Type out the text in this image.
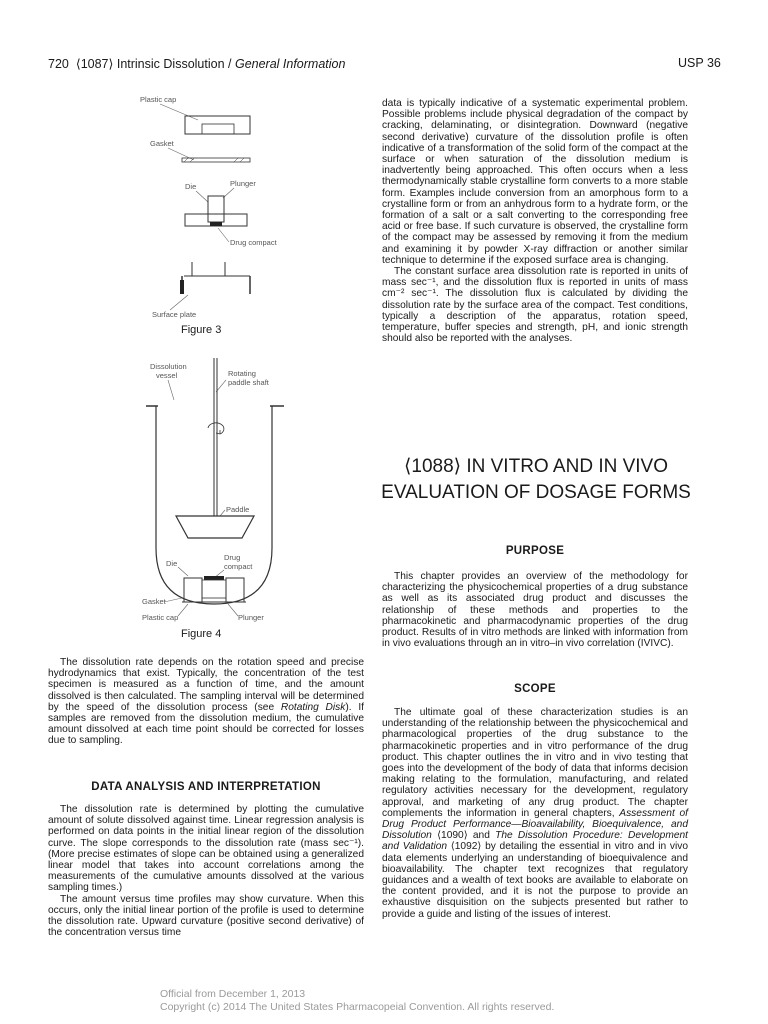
720 ⟨1087⟩ Intrinsic Dissolution / General Information	USP 36
Plastic cap
Gasket
Die	Plunger
Drug compact
Surface plate
Figure 3
Dissolution
vessel	Rotating
paddle shaft
Paddle
Die
Drug
compact
Gasket
Plastic cap	Plunger
Figure 4

The dissolution rate depends on the rotation speed and precise hydrodynamics that exist. Typically, the concentration of the test specimen is measured as a function of time, and the amount dissolved is then calculated. The sampling interval will be determined by the speed of the dissolution process (see Rotating Disk). If samples are removed from the dissolution medium, the cumulative amount dissolved at each time point should be corrected for losses due to sampling.

DATA ANALYSIS AND INTERPRETATION

The dissolution rate is determined by plotting the cumulative amount of solute dissolved against time. Linear regression analysis is performed on data points in the initial linear region of the dissolution curve. The slope corresponds to the dissolution rate (mass sec⁻¹). (More precise estimates of slope can be obtained using a generalized linear model that takes into account correlations among the measurements of the cumulative amounts dissolved at the various sampling times.)

The amount versus time profiles may show curvature. When this occurs, only the initial linear portion of the profile is used to determine the dissolution rate. Upward curvature (positive second derivative) of the concentration versus time

data is typically indicative of a systematic experimental problem. Possible problems include physical degradation of the compact by cracking, delaminating, or disintegration. Downward (negative second derivative) curvature of the dissolution profile is often indicative of a transformation of the solid form of the compact at the surface or when saturation of the dissolution medium is inadvertently being approached. This often occurs when a less thermodynamically stable crystalline form converts to a more stable form. Examples include conversion from an amorphous form to a crystalline form or from an anhydrous form to a hydrate form, or the formation of a salt or a salt converting to the corresponding free acid or free base. If such curvature is observed, the crystalline form of the compact may be assessed by removing it from the medium and examining it by powder X-ray diffraction or another similar technique to determine if the exposed surface area is changing.

The constant surface area dissolution rate is reported in units of mass sec⁻¹, and the dissolution flux is reported in units of mass cm⁻² sec⁻¹. The dissolution flux is calculated by dividing the dissolution rate by the surface area of the compact. Test conditions, typically a description of the apparatus, rotation speed, temperature, buffer species and strength, pH, and ionic strength should also be reported with the analyses.

⟨1088⟩ IN VITRO AND IN VIVO
EVALUATION OF DOSAGE FORMS
PURPOSE

This chapter provides an overview of the methodology for characterizing the physicochemical properties of a drug substance as well as its associated drug product and discusses the relationship of these methods and properties to the pharmacokinetic and pharmacodynamic properties of the drug product. Results of in vitro methods are linked with information from in vivo evaluations through an in vitro–in vivo correlation (IVIVC).

SCOPE

The ultimate goal of these characterization studies is an understanding of the relationship between the physicochemical and pharmacological properties of the drug substance to the pharmacokinetic properties and in vitro performance of the drug product. This chapter outlines the in vitro and in vivo testing that goes into the development of the body of data that informs decision making relating to the formulation, manufacturing, and related regulatory activities necessary for the development, regulatory approval, and marketing of any drug product. The chapter complements the information in general chapters, Assessment of Drug Product Performance—Bioavailability, Bioequivalence, and Dissolution ⟨1090⟩ and The Dissolution Procedure: Development and Validation ⟨1092⟩ by detailing the essential in vitro and in vivo data elements underlying an understanding of bioequivalence and bioavailability. The chapter text recognizes that regulatory guidances and a wealth of text books are available to elaborate on the content provided, and it is not the purpose to provide an exhaustive disquisition on the subjects presented but rather to provide a guide and listing of the issues of interest.

Official from December 1, 2013
Copyright (c) 2014 The United States Pharmacopeial Convention. All rights reserved.
